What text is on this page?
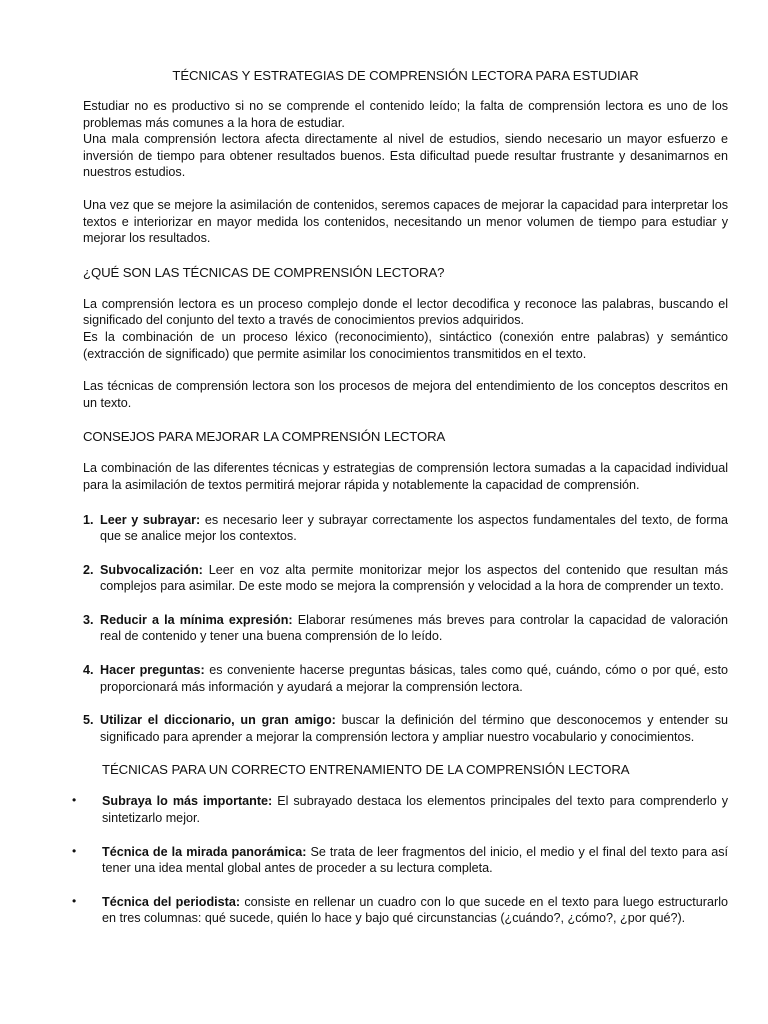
TÉCNICAS Y ESTRATEGIAS DE COMPRENSIÓN LECTORA PARA ESTUDIAR

Estudiar no es productivo si no se comprende el contenido leído; la falta de comprensión lectora es uno de los problemas más comunes a la hora de estudiar.

Una mala comprensión lectora afecta directamente al nivel de estudios, siendo necesario un mayor esfuerzo e inversión de tiempo para obtener resultados buenos. Esta dificultad puede resultar frustrante y desanimarnos en nuestros estudios.

Una vez que se mejore la asimilación de contenidos, seremos capaces de mejorar la capacidad para interpretar los textos e interiorizar en mayor medida los contenidos, necesitando un menor volumen de tiempo para estudiar y mejorar los resultados.

¿QUÉ SON LAS TÉCNICAS DE COMPRENSIÓN LECTORA?

La comprensión lectora es un proceso complejo donde el lector decodifica y reconoce las palabras, buscando el significado del conjunto del texto a través de conocimientos previos adquiridos.

Es la combinación de un proceso léxico (reconocimiento), sintáctico (conexión entre palabras) y semántico (extracción de significado) que permite asimilar los conocimientos transmitidos en el texto.

Las técnicas de comprensión lectora son los procesos de mejora del entendimiento de los conceptos descritos en un texto.

CONSEJOS PARA MEJORAR LA COMPRENSIÓN LECTORA

La combinación de las diferentes técnicas y estrategias de comprensión lectora sumadas a la capacidad individual para la asimilación de textos permitirá mejorar rápida y notablemente la capacidad de comprensión.

1. Leer y subrayar: es necesario leer y subrayar correctamente los aspectos fundamentales del texto, de forma que se analice mejor los contextos.
2. Subvocalización: Leer en voz alta permite monitorizar mejor los aspectos del contenido que resultan más complejos para asimilar. De este modo se mejora la comprensión y velocidad a la hora de comprender un texto.
3. Reducir a la mínima expresión: Elaborar resúmenes más breves para controlar la capacidad de valoración real de contenido y tener una buena comprensión de lo leído.
4. Hacer preguntas: es conveniente hacerse preguntas básicas, tales como qué, cuándo, cómo o por qué, esto proporcionará más información y ayudará a mejorar la comprensión lectora.
5. Utilizar el diccionario, un gran amigo: buscar la definición del término que desconocemos y entender su significado para aprender a mejorar la comprensión lectora y ampliar nuestro vocabulario y conocimientos.
TÉCNICAS PARA UN CORRECTO ENTRENAMIENTO DE LA COMPRENSIÓN LECTORA
• Subraya lo más importante: El subrayado destaca los elementos principales del texto para comprenderlo y sintetizarlo mejor.
• Técnica de la mirada panorámica: Se trata de leer fragmentos del inicio, el medio y el final del texto para así tener una idea mental global antes de proceder a su lectura completa.
• Técnica del periodista: consiste en rellenar un cuadro con lo que sucede en el texto para luego estructurarlo en tres columnas: qué sucede, quién lo hace y bajo qué circunstancias (¿cuándo?, ¿cómo?, ¿por qué?).
